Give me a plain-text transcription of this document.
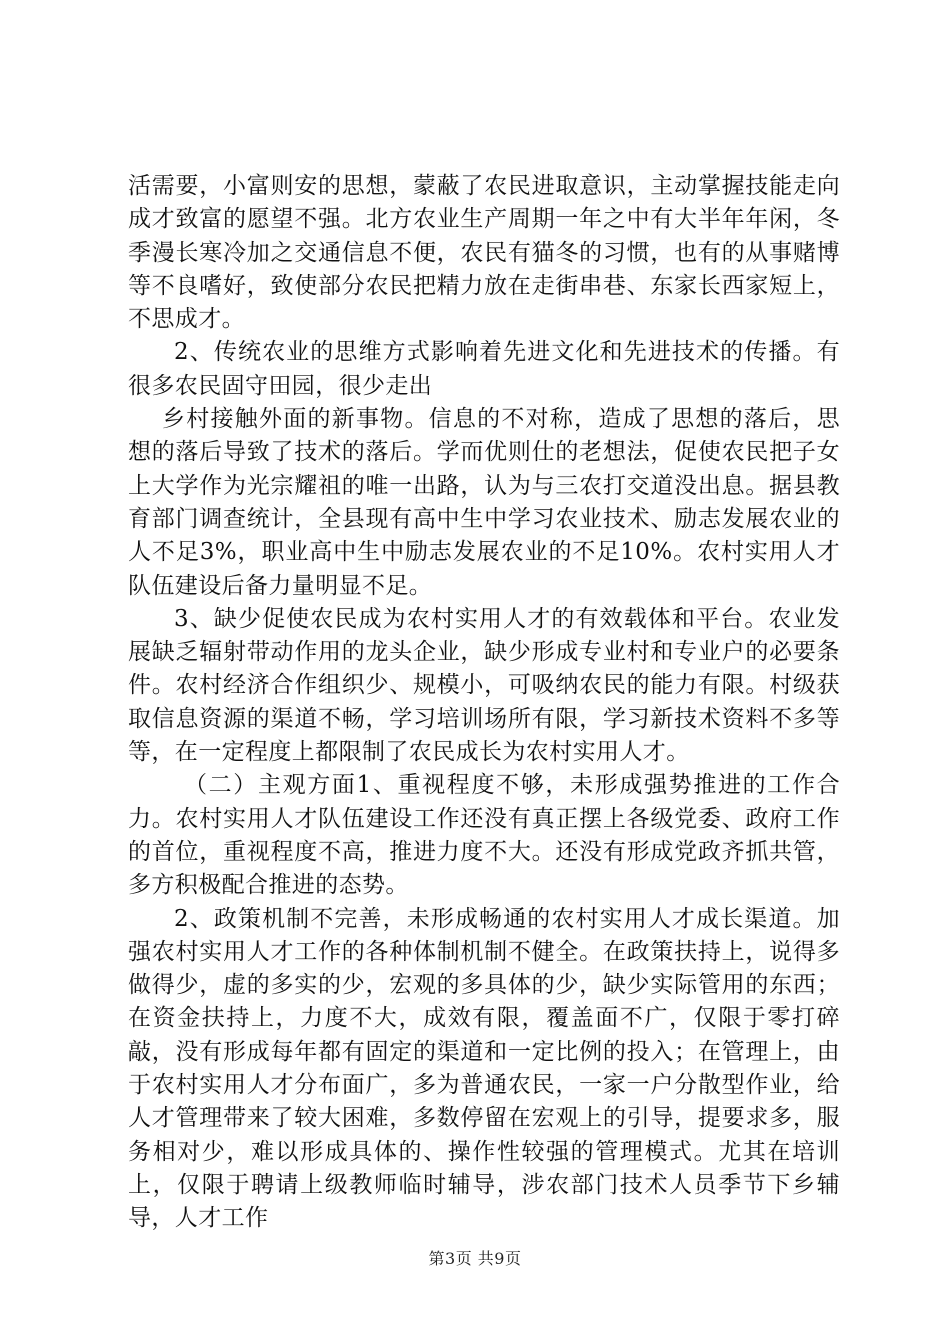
活需要，小富则安的思想，蒙蔽了农民进取意识，主动掌握技能走向成才致富的愿望不强。北方农业生产周期一年之中有大半年年闲，冬季漫长寒冷加之交通信息不便，农民有猫冬的习惯，也有的从事赌博等不良嗜好，致使部分农民把精力放在走街串巷、东家长西家短上，不思成才。

2、传统农业的思维方式影响着先进文化和先进技术的传播。有很多农民固守田园，很少走出

乡村接触外面的新事物。信息的不对称，造成了思想的落后，思想的落后导致了技术的落后。学而优则仕的老想法，促使农民把子女上大学作为光宗耀祖的唯一出路，认为与三农打交道没出息。据县教育部门调查统计，全县现有高中生中学习农业技术、励志发展农业的人不足3%，职业高中生中励志发展农业的不足10%。农村实用人才队伍建设后备力量明显不足。

3、缺少促使农民成为农村实用人才的有效载体和平台。农业发展缺乏辐射带动作用的龙头企业，缺少形成专业村和专业户的必要条件。农村经济合作组织少、规模小，可吸纳农民的能力有限。村级获取信息资源的渠道不畅，学习培训场所有限，学习新技术资料不多等等，在一定程度上都限制了农民成长为农村实用人才。

（二）主观方面1、重视程度不够，未形成强势推进的工作合力。农村实用人才队伍建设工作还没有真正摆上各级党委、政府工作的首位，重视程度不高，推进力度不大。还没有形成党政齐抓共管，多方积极配合推进的态势。

2、政策机制不完善，未形成畅通的农村实用人才成长渠道。加强农村实用人才工作的各种体制机制不健全。在政策扶持上，说得多做得少，虚的多实的少，宏观的多具体的少，缺少实际管用的东西；在资金扶持上，力度不大，成效有限，覆盖面不广，仅限于零打碎敲，没有形成每年都有固定的渠道和一定比例的投入；在管理上，由于农村实用人才分布面广，多为普通农民，一家一户分散型作业，给人才管理带来了较大困难，多数停留在宏观上的引导，提要求多，服务相对少，难以形成具体的、操作性较强的管理模式。尤其在培训上，仅限于聘请上级教师临时辅导，涉农部门技术人员季节下乡辅导，人才工作

第3页 共9页
